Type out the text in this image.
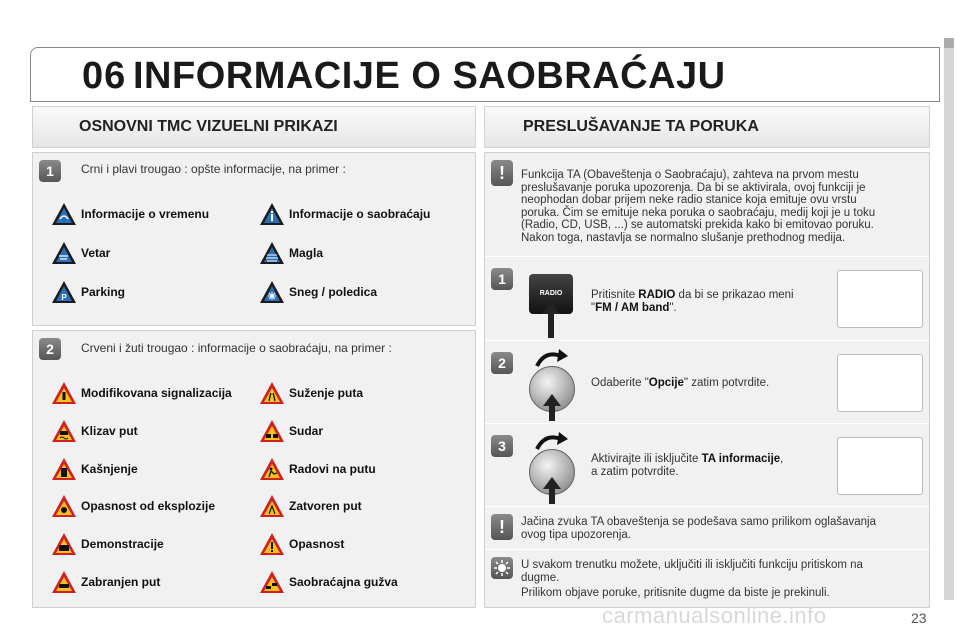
06 INFORMACIJE O SAOBRAĆAJU
OSNOVNI TMC VIZUELNI PRIKAZI
1	Crni i plavi trougao : opšte informacije, na primer :
Informacije o vremenu	Informacije o saobraćaju
Vetar	Magla
P Parking	Sneg / poledica
2	Crveni i žuti trougao : informacije o saobraćaju, na primer :
Modifikovana signalizacija	Suženje puta
Klizav put	Sudar
Kašnjenje	Radovi na putu
Opasnost od eksplozije	Zatvoren put
Demonstracije	Opasnost
Zabranjen put	Saobraćajna gužva
PRESLUŠAVANJE TA PORUKA
!	Funkcija TA (Obaveštenja o Saobraćaju), zahteva na prvom mestu
preslušavanje poruka upozorenja. Da bi se aktivirala, ovoj funkciji je
neophodan dobar prijem neke radio stanice koja emituje ovu vrstu
poruka. Čim se emituje neka poruka o saobraćaju, medij koji je u toku
(Radio, CD, USB, ...) se automatski prekida kako bi emitovao poruku.
Nakon toga, nastavlja se normalno slušanje prethodnog medija.
1
RADIO	Pritisnite RADIO da bi se prikazao meni
"FM / AM band".
2
Odaberite "Opcije" zatim potvrdite.
3
Aktivirajte ili isključite TA informacije,
a zatim potvrdite.
!	Jačina zvuka TA obaveštenja se podešava samo prilikom oglašavanja
ovog tipa upozorenja.
U svakom trenutku možete, uključiti ili isključiti funkciju pritiskom na
dugme.
Prilikom objave poruke, pritisnite dugme da biste je prekinuli.
carmanualsonline.info	23
